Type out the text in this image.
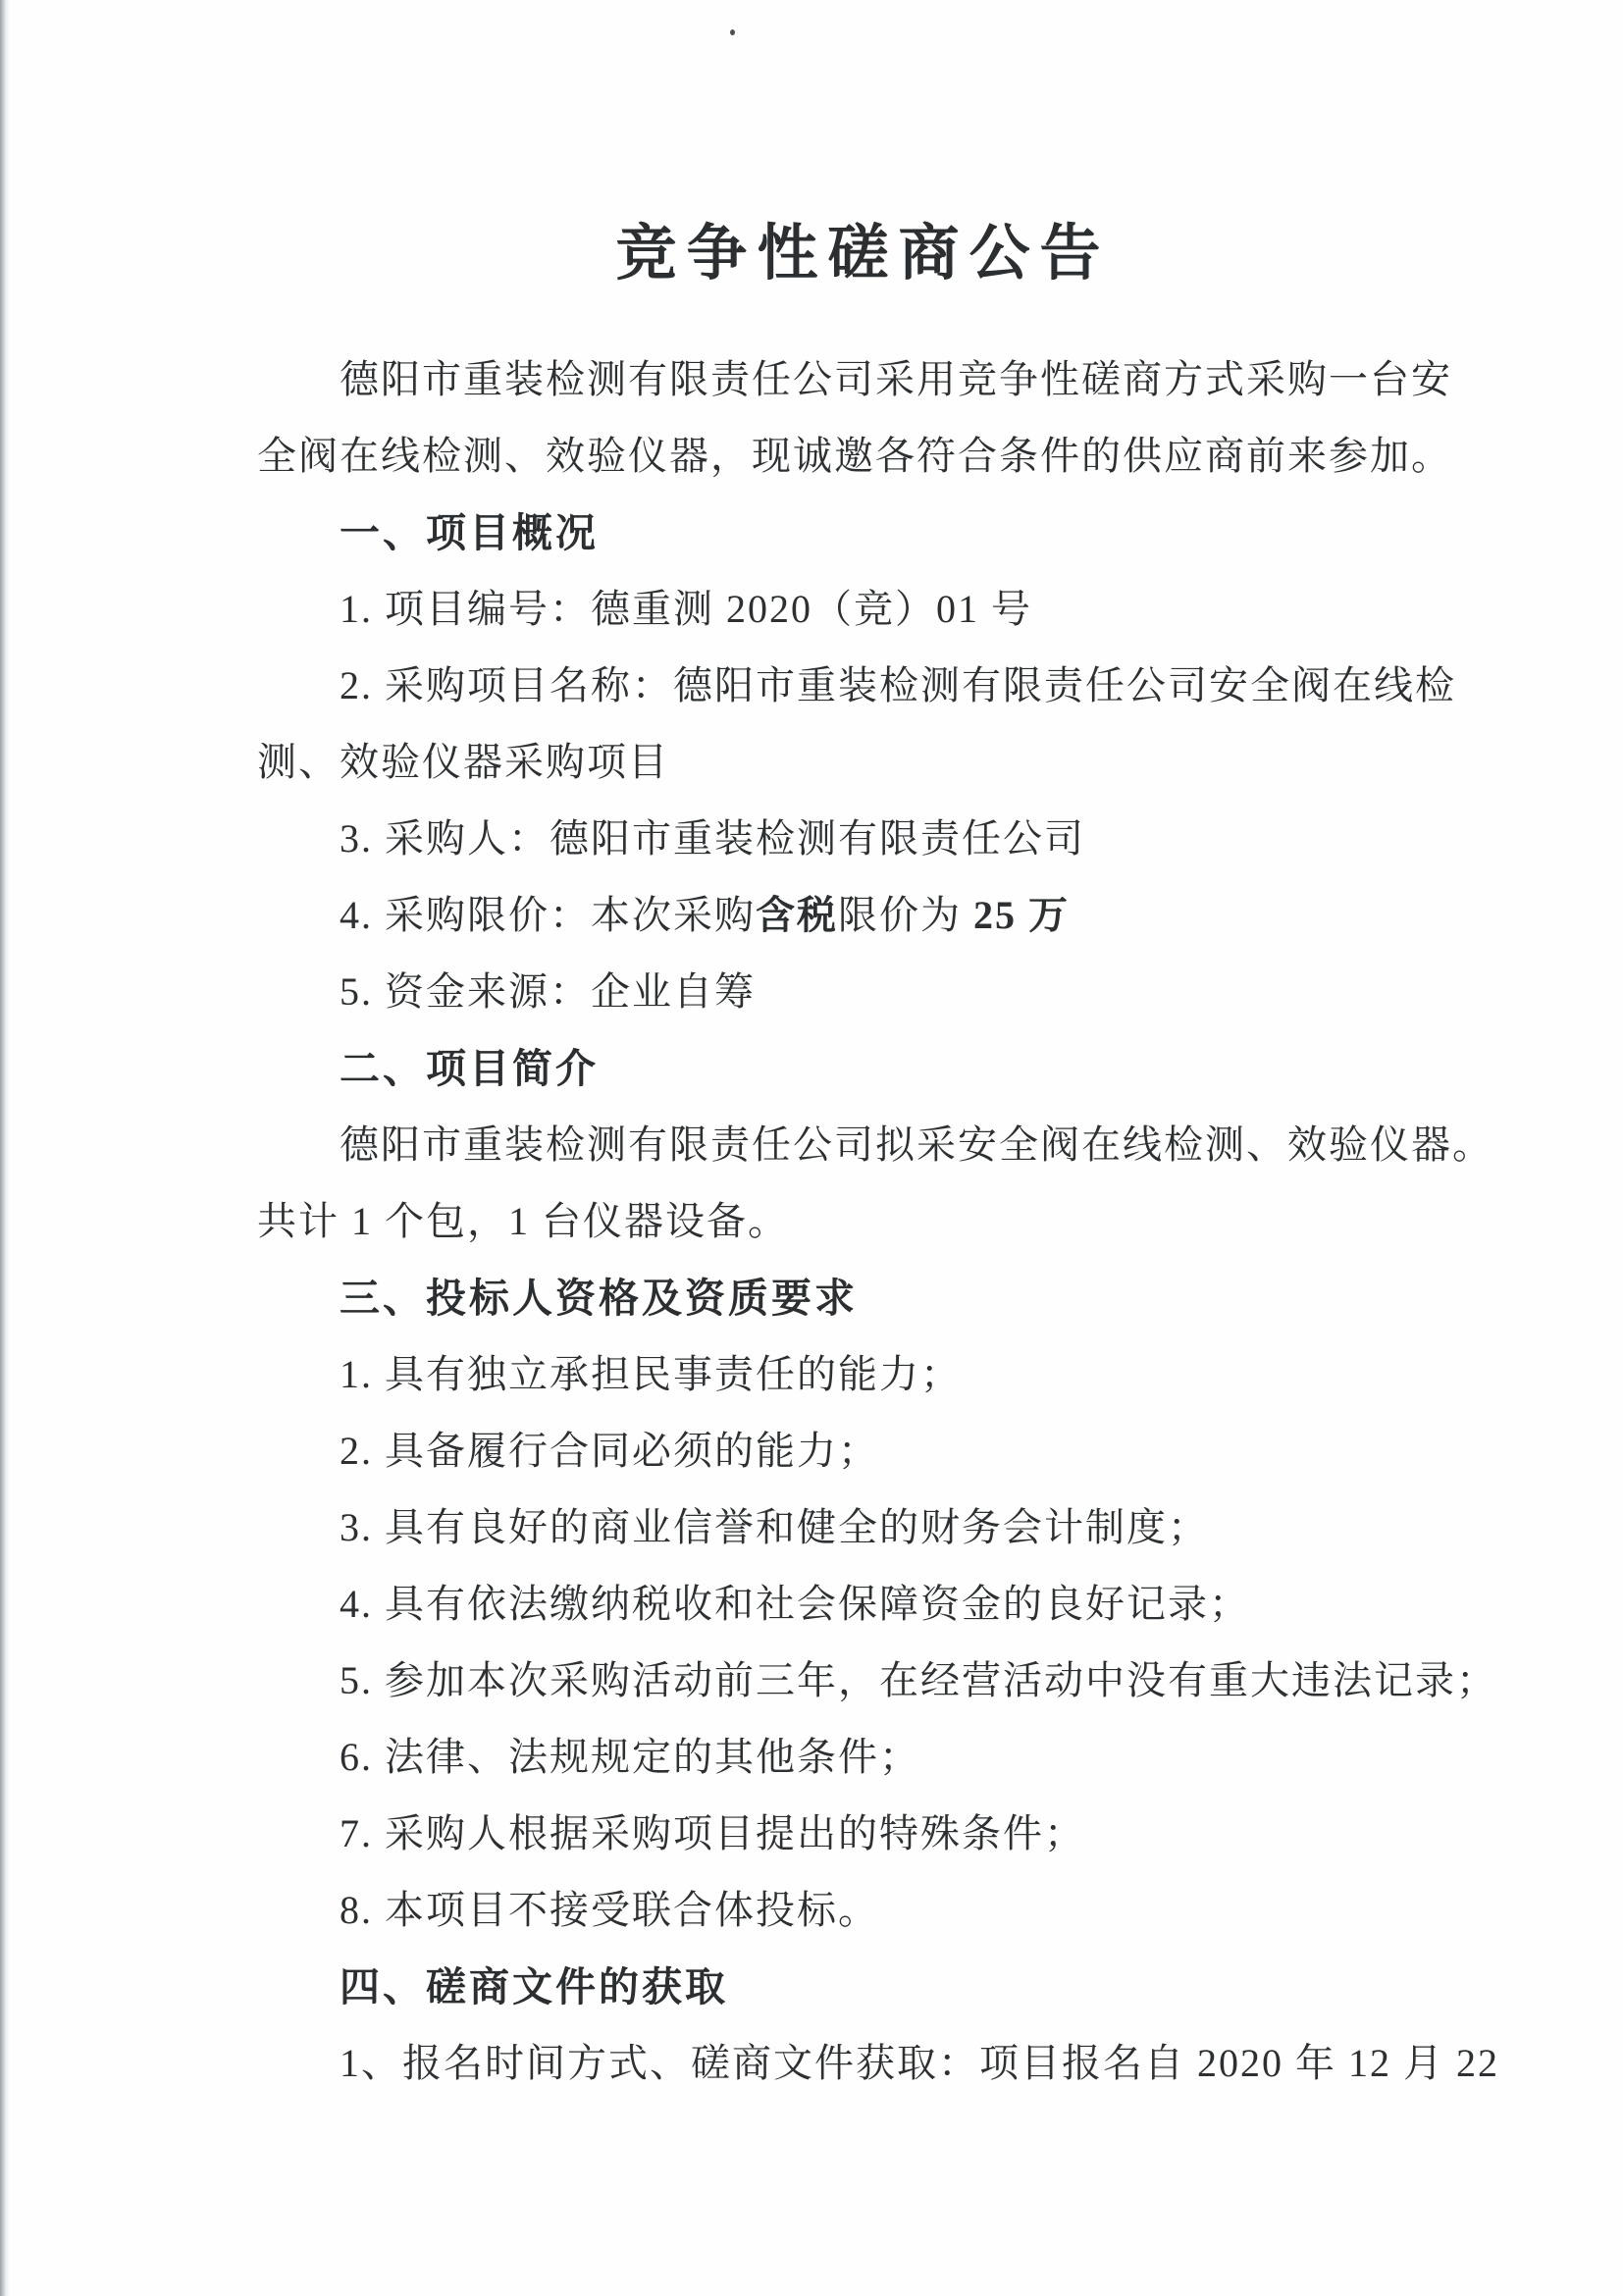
竞争性磋商公告

德阳市重装检测有限责任公司采用竞争性磋商方式采购一台安

全阀在线检测、效验仪器，现诚邀各符合条件的供应商前来参加。

一、项目概况

1. 项目编号：德重测 2020（竞）01 号

2. 采购项目名称：德阳市重装检测有限责任公司安全阀在线检

测、效验仪器采购项目

3. 采购人：德阳市重装检测有限责任公司

4. 采购限价：本次采购含税限价为 25 万

5. 资金来源：企业自筹

二、项目简介

德阳市重装检测有限责任公司拟采安全阀在线检测、效验仪器。

共计 1 个包，1 台仪器设备。

三、投标人资格及资质要求

1. 具有独立承担民事责任的能力；

2. 具备履行合同必须的能力；

3. 具有良好的商业信誉和健全的财务会计制度；

4. 具有依法缴纳税收和社会保障资金的良好记录；

5. 参加本次采购活动前三年，在经营活动中没有重大违法记录；

6. 法律、法规规定的其他条件；

7. 采购人根据采购项目提出的特殊条件；

8. 本项目不接受联合体投标。

四、磋商文件的获取

1、报名时间方式、磋商文件获取：项目报名自 2020 年 12 月 22
